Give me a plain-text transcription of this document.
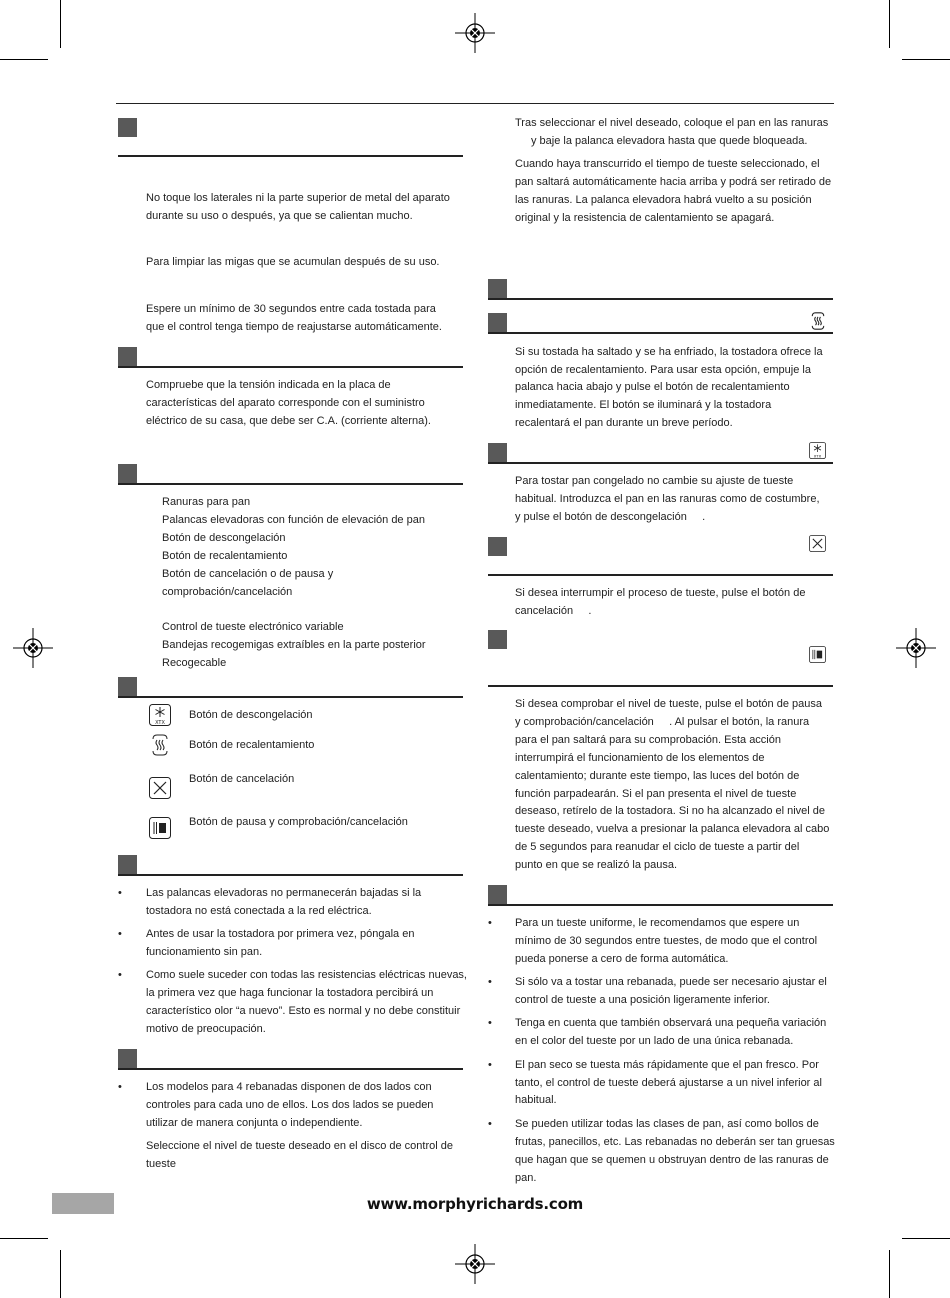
No toque los laterales ni la parte superior de metal del aparato
durante su uso o después, ya que se calientan mucho.
Para limpiar las migas que se acumulan después de su uso.
Espere un mínimo de 30 segundos entre cada tostada para
que el control tenga tiempo de reajustarse automáticamente.
Compruebe que la tensión indicada en la placa de
características del aparato corresponde con el suministro
eléctrico de su casa, que debe ser C.A. (corriente alterna).
Ranuras para pan
Palancas elevadoras con función de elevación de pan
Botón de descongelación
Botón de recalentamiento
Botón de cancelación o de pausa y
comprobación/cancelación
Control de tueste electrónico variable
Bandejas recogemigas extraíbles en la parte posterior
Recogecable
XTX
Botón de descongelación
Botón de recalentamiento
Botón de cancelación
Botón de pausa y comprobación/cancelación
• Las palancas elevadoras no permanecerán bajadas si la
tostadora no está conectada a la red eléctrica.
• Antes de usar la tostadora por primera vez, póngala en
funcionamiento sin pan.
• Como suele suceder con todas las resistencias eléctricas nuevas,
la primera vez que haga funcionar la tostadora percibirá un
característico olor “a nuevo”. Esto es normal y no debe constituir
motivo de preocupación.
• Los modelos para 4 rebanadas disponen de dos lados con
controles para cada uno de ellos. Los dos lados se pueden
utilizar de manera conjunta o independiente.
Seleccione el nivel de tueste deseado en el disco de control de
tueste
Tras seleccionar el nivel deseado, coloque el pan en las ranuras
y baje la palanca elevadora hasta que quede bloqueada.
Cuando haya transcurrido el tiempo de tueste seleccionado, el
pan saltará automáticamente hacia arriba y podrá ser retirado de
las ranuras. La palanca elevadora habrá vuelto a su posición
original y la resistencia de calentamiento se apagará.
Si su tostada ha saltado y se ha enfriado, la tostadora ofrece la
opción de recalentamiento. Para usar esta opción, empuje la
palanca hacia abajo y pulse el botón de recalentamiento
inmediatamente. El botón se iluminará y la tostadora
recalentará el pan durante un breve período.
XTX
Para tostar pan congelado no cambie su ajuste de tueste
habitual. Introduzca el pan en las ranuras como de costumbre,
y pulse el botón de descongelación     .
Si desea interrumpir el proceso de tueste, pulse el botón de
cancelación     .
Si desea comprobar el nivel de tueste, pulse el botón de pausa
y comprobación/cancelación     . Al pulsar el botón, la ranura
para el pan saltará para su comprobación. Esta acción
interrumpirá el funcionamiento de los elementos de
calentamiento; durante este tiempo, las luces del botón de
función parpadearán. Si el pan presenta el nivel de tueste
deseaso, retírelo de la tostadora. Si no ha alcanzado el nivel de
tueste deseado, vuelva a presionar la palanca elevadora al cabo
de 5 segundos para reanudar el ciclo de tueste a partir del
punto en que se realizó la pausa.
• Para un tueste uniforme, le recomendamos que espere un
mínimo de 30 segundos entre tuestes, de modo que el control
pueda ponerse a cero de forma automática.
• Si sólo va a tostar una rebanada, puede ser necesario ajustar el
control de tueste a una posición ligeramente inferior.
• Tenga en cuenta que también observará una pequeña variación
en el color del tueste por un lado de una única rebanada.
• El pan seco se tuesta más rápidamente que el pan fresco. Por
tanto, el control de tueste deberá ajustarse a un nivel inferior al
habitual.
• Se pueden utilizar todas las clases de pan, así como bollos de
frutas, panecillos, etc. Las rebanadas no deberán ser tan gruesas
que hagan que se quemen u obstruyan dentro de las ranuras de
pan.
www.morphyrichards.com
